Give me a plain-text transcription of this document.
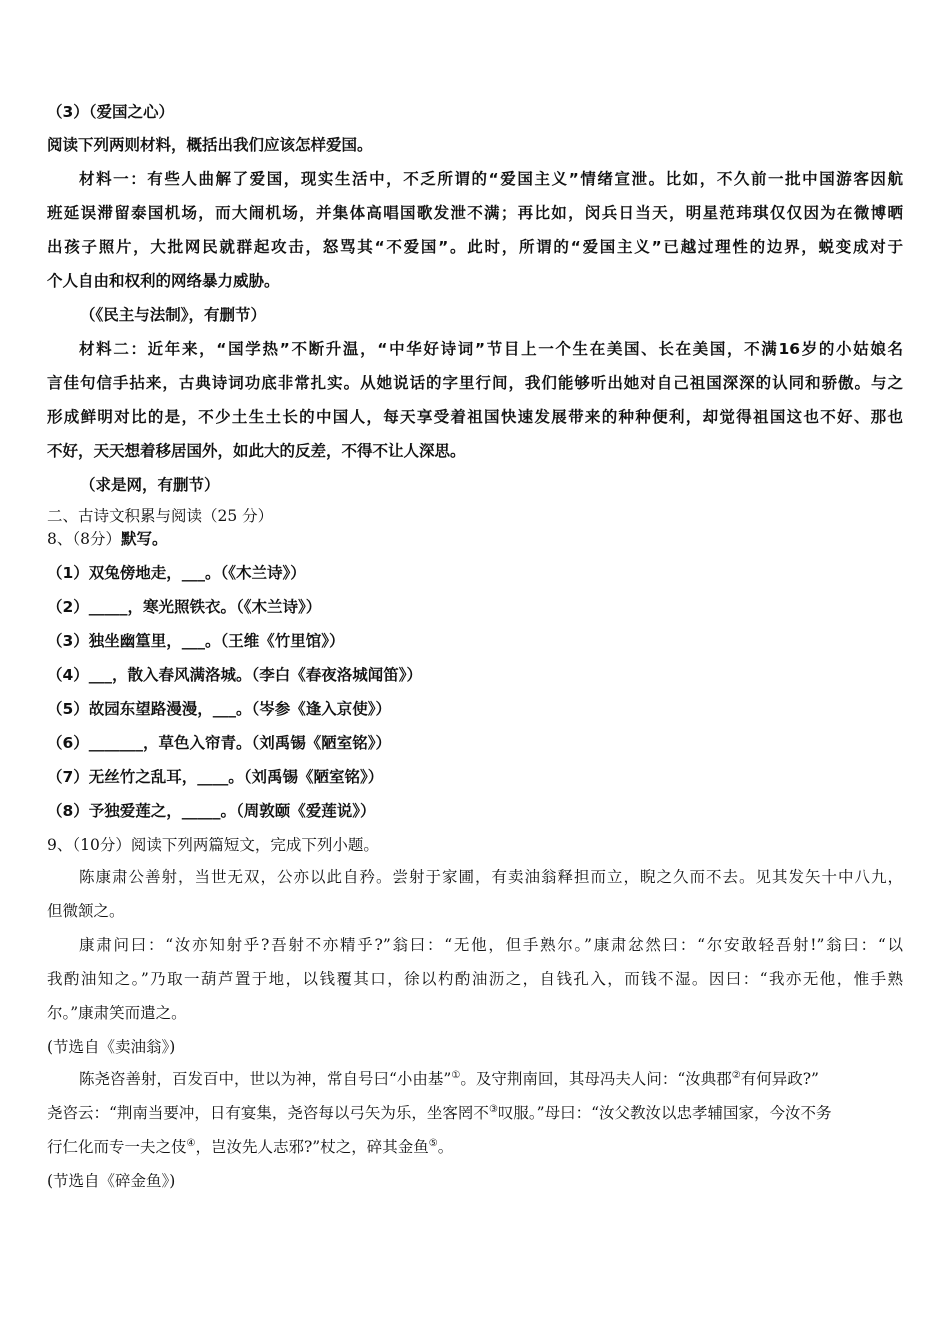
（3）（爱国之心）
阅读下列两则材料，概括出我们应该怎样爱国。
材料一：有些人曲解了爱国，现实生活中，不乏所谓的“爱国主义”情绪宣泄。比如，不久前一批中国游客因航
班延误滞留泰国机场，而大闹机场，并集体高唱国歌发泄不满；再比如，闵兵日当天，明星范玮琪仅仅因为在微博晒
出孩子照片，大批网民就群起攻击，怒骂其“不爱国”。此时，所谓的“爱国主义”已越过理性的边界，蜕变成对于
个人自由和权利的网络暴力威胁。
（《民主与法制》，有删节）
材料二：近年来，“国学热”不断升温，“中华好诗词”节目上一个生在美国、长在美国，不满16岁的小姑娘名
言佳句信手拈来，古典诗词功底非常扎实。从她说话的字里行间，我们能够听出她对自己祖国深深的认同和骄傲。与之
形成鲜明对比的是，不少土生土长的中国人，每天享受着祖国快速发展带来的种种便利，却觉得祖国这也不好、那也
不好，天天想着移居国外，如此大的反差，不得不让人深思。
（求是网，有删节）
二、古诗文积累与阅读（25 分）
8、（8分）默写。
（1）双兔傍地走，___。（《木兰诗》）
（2）_____，寒光照铁衣。（《木兰诗》）
（3）独坐幽篁里，___。（王维《竹里馆》）
（4）___，散入春风满洛城。（李白《春夜洛城闻笛》）
（5）故园东望路漫漫，___。（岑参《逢入京使》）
（6）_______，草色入帘青。（刘禹锡《陋室铭》）
（7）无丝竹之乱耳，____。（刘禹锡《陋室铭》）
（8）予独爱莲之，_____。（周敦颐《爱莲说》）
9、（10分）阅读下列两篇短文，完成下列小题。
陈康肃公善射，当世无双，公亦以此自矜。尝射于家圃，有卖油翁释担而立，睨之久而不去。见其发矢十中八九，
但微颔之。
康肃问曰：“汝亦知射乎?吾射不亦精乎?”翁曰：“无他，但手熟尔。”康肃忿然曰：“尔安敢轻吾射!”翁曰：“以
我酌油知之。”乃取一葫芦置于地，以钱覆其口，徐以杓酌油沥之，自钱孔入，而钱不湿。因曰：“我亦无他，惟手熟
尔。”康肃笑而遣之。
(节选自《卖油翁》)
陈尧咨善射，百发百中，世以为神，常自号曰“小由基”①。及守荆南回，其母冯夫人问：“汝典郡②有何异政?”
尧咨云：“荆南当要冲，日有宴集，尧咨每以弓矢为乐，坐客罔不③叹服。”母曰：“汝父教汝以忠孝辅国家，今汝不务
行仁化而专一夫之伎④，岂汝先人志邪?”杖之，碎其金鱼⑤。
(节选自《碎金鱼》)
